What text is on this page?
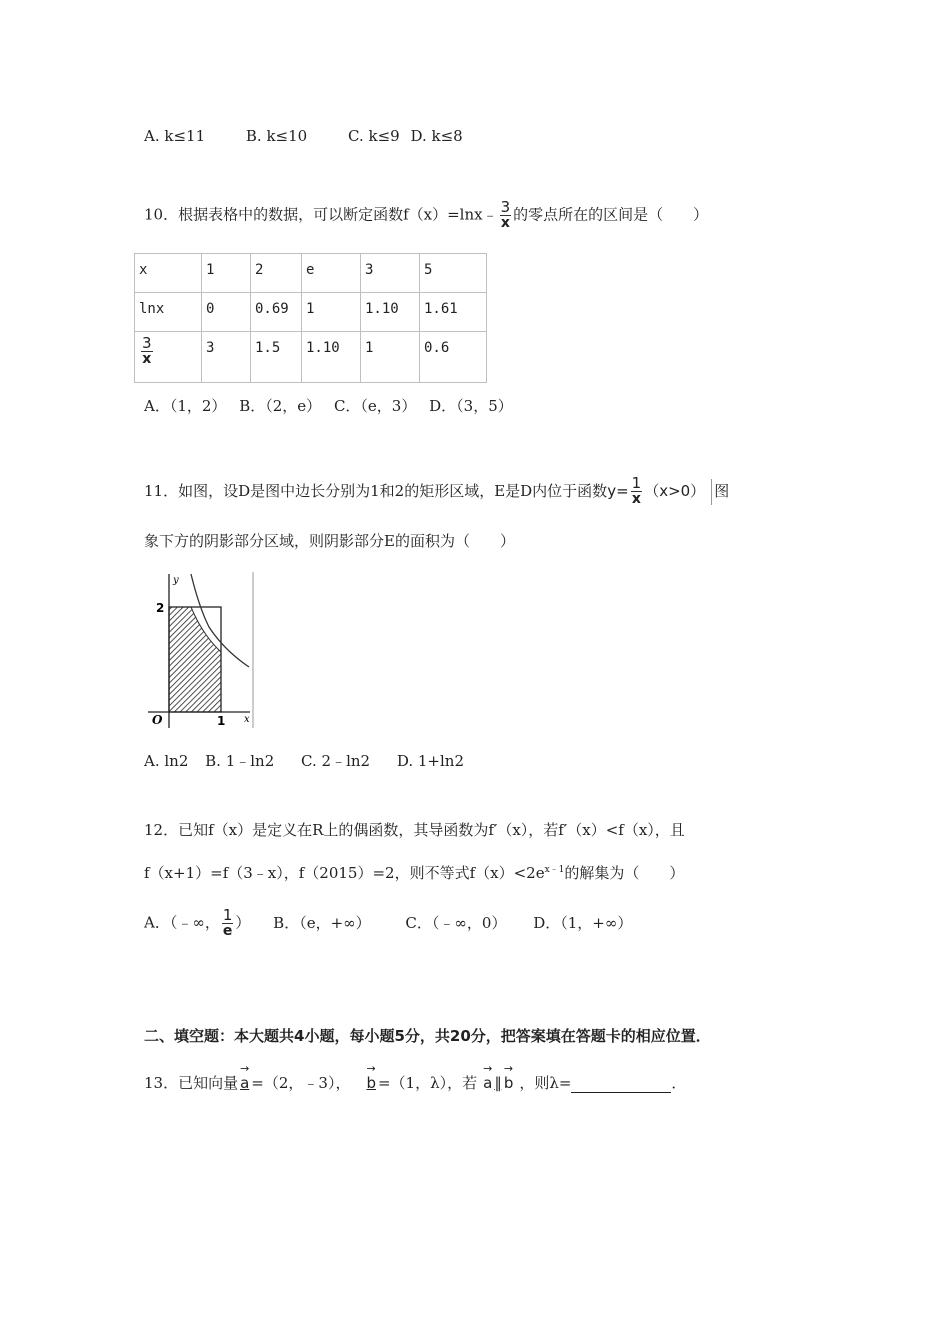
A. k≤11	B. k≤10	C. k≤9 D. k≤8
10．根据表格中的数据，可以断定函数f（x）=lnx﹣ $\frac{3}{x}$ 的零点所在的区间是（　　）
x	1	2	e	3	5
lnx	0	0.69	1	1.10	1.61

$\frac{3}{x}$	3	1.5	1.10	1	0.6
A．（1，2） B．（2，e） C．（e，3） D．（3，5）
11．如图，设D是图中边长分别为1和2的矩形区域，E是D内位于函数$y= \frac{1}{x} (x>0)$ 图
象下方的阴影部分区域，则阴影部分E的面积为（　　）
y
x
O
2
1
A. ln2 B. 1﹣ln2 C. 2﹣ln2 D. 1+ln2
12．已知f（x）是定义在R上的偶函数，其导函数为f′（x），若f′（x）<f（x），且
f（x+1）=f（3﹣x），f（2015）=2，则不等式$f(x)<2e^{x﹣1}$的解集为（　　）
A．（﹣∞， $\frac{1}{e}$ ） B．（e，+∞） C．（﹣∞，0） D．（1，+∞）
二、填空题：本大题共4小题，每小题5分，共20分，把答案填在答题卡的相应位置．
13．已知向量
→
a =（2，﹣3），
→
b =（1，λ），若
→
a ∥
→
b ，则λ=	．
